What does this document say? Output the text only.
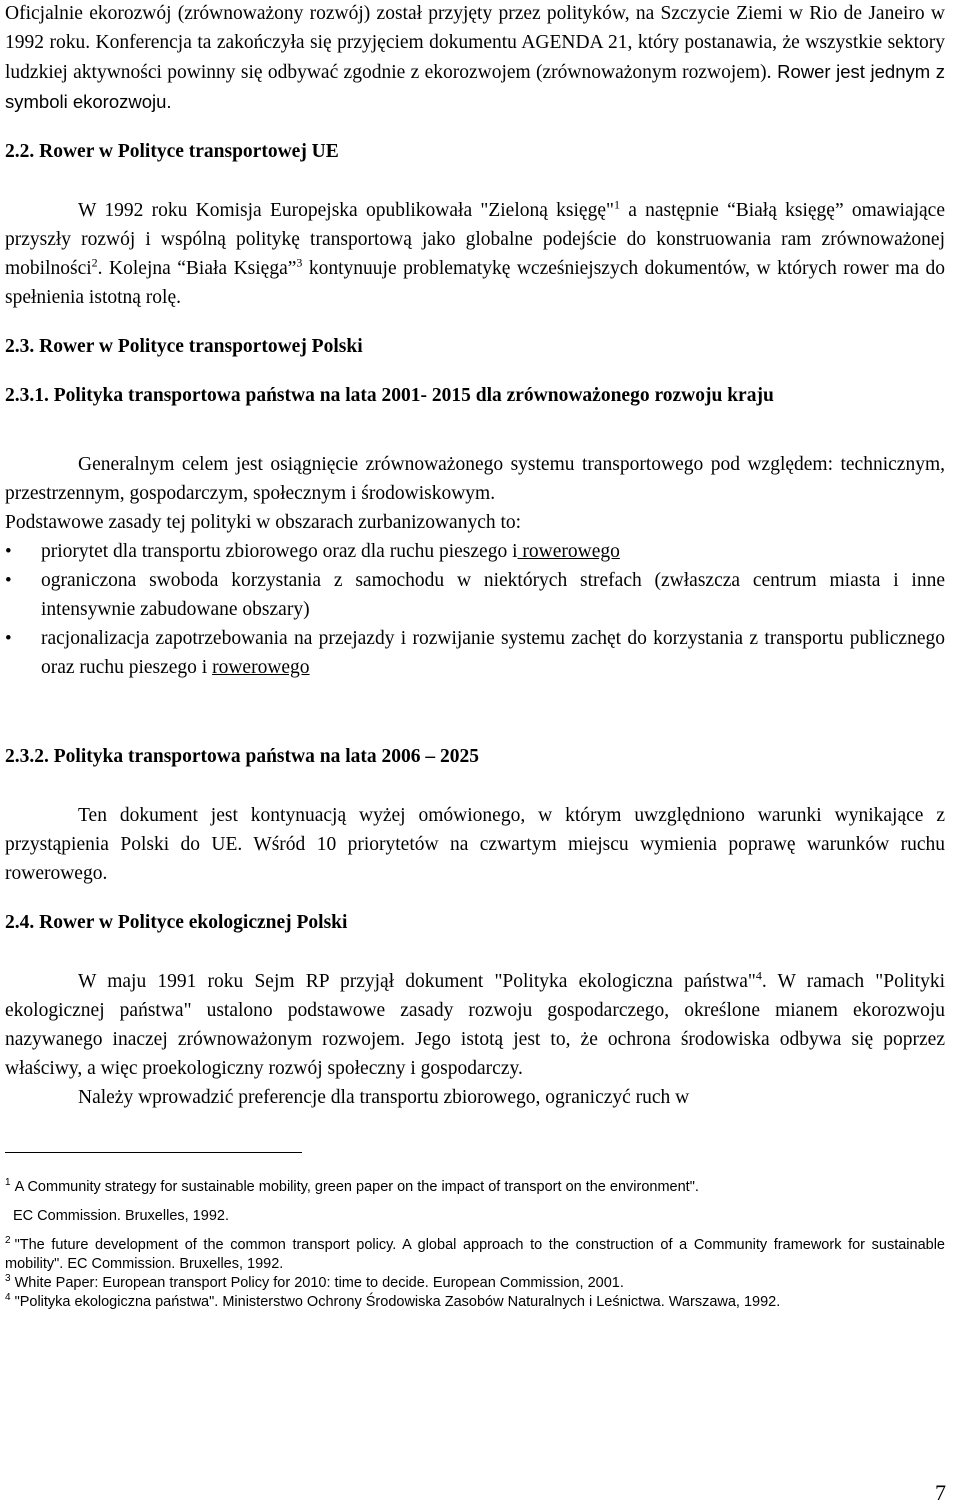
Oficjalnie ekorozwój (zrównoważony rozwój) został przyjęty przez polityków, na Szczycie Ziemi w Rio de Janeiro w 1992 roku. Konferencja ta zakończyła się przyjęciem dokumentu AGENDA 21, który postanawia, że wszystkie sektory ludzkiej aktywności powinny się odbywać zgodnie z ekorozwojem (zrównoważonym rozwojem). Rower jest jednym z symboli ekorozwoju.

2.2. Rower w Polityce transportowej UE

W 1992 roku Komisja Europejska opublikowała "Zieloną księgę"$^1$ a następnie “Białą księgę” omawiające przyszły rozwój i wspólną politykę transportową jako globalne podejście do konstruowania ram zrównoważonej mobilności$^2$. Kolejna “Biała Księga”$^3$ kontynuuje problematykę wcześniejszych dokumentów, w których rower ma do spełnienia istotną rolę.

2.3. Rower w Polityce transportowej Polski

2.3.1. Polityka transportowa państwa na lata 2001- 2015 dla zrównoważonego rozwoju kraju

Generalnym celem jest osiągnięcie zrównoważonego systemu transportowego pod względem: technicznym, przestrzennym, gospodarczym, społecznym i środowiskowym.

Podstawowe zasady tej polityki w obszarach zurbanizowanych to:

• priorytet dla transportu zbiorowego oraz dla ruchu pieszego i rowerowego
• ograniczona swoboda korzystania z samochodu w niektórych strefach (zwłaszcza centrum miasta i inne intensywnie zabudowane obszary)
• racjonalizacja zapotrzebowania na przejazdy i rozwijanie systemu zachęt do korzystania z transportu publicznego oraz ruchu pieszego i rowerowego

2.3.2. Polityka transportowa państwa na lata 2006 – 2025

Ten dokument jest kontynuacją wyżej omówionego, w którym uwzględniono warunki wynikające z przystąpienia Polski do UE. Wśród 10 priorytetów na czwartym miejscu wymienia poprawę warunków ruchu rowerowego.

2.4. Rower w Polityce ekologicznej Polski

W maju 1991 roku Sejm RP przyjął dokument "Polityka ekologiczna państwa"$^4$. W ramach "Polityki ekologicznej państwa" ustalono podstawowe zasady rozwoju gospodarczego, określone mianem ekorozwoju nazywanego inaczej zrównoważonym rozwojem. Jego istotą jest to, że ochrona środowiska odbywa się poprzez właściwy, a więc proekologiczny rozwój społeczny i gospodarczy.

Należy wprowadzić preferencje dla transportu zbiorowego, ograniczyć ruch w

$^1$ A Community strategy for sustainable mobility, green paper on the impact of transport on the environment".

EC Commission. Bruxelles, 1992.

$^2$ "The future development of the common transport policy. A global approach to the construction of a Community framework for sustainable mobility". EC Commission. Bruxelles, 1992.

$^3$ White Paper: European transport Policy for 2010: time to decide. European Commission, 2001.

$^4$ "Polityka ekologiczna państwa". Ministerstwo Ochrony Środowiska Zasobów Naturalnych i Leśnictwa. Warszawa, 1992.

7
